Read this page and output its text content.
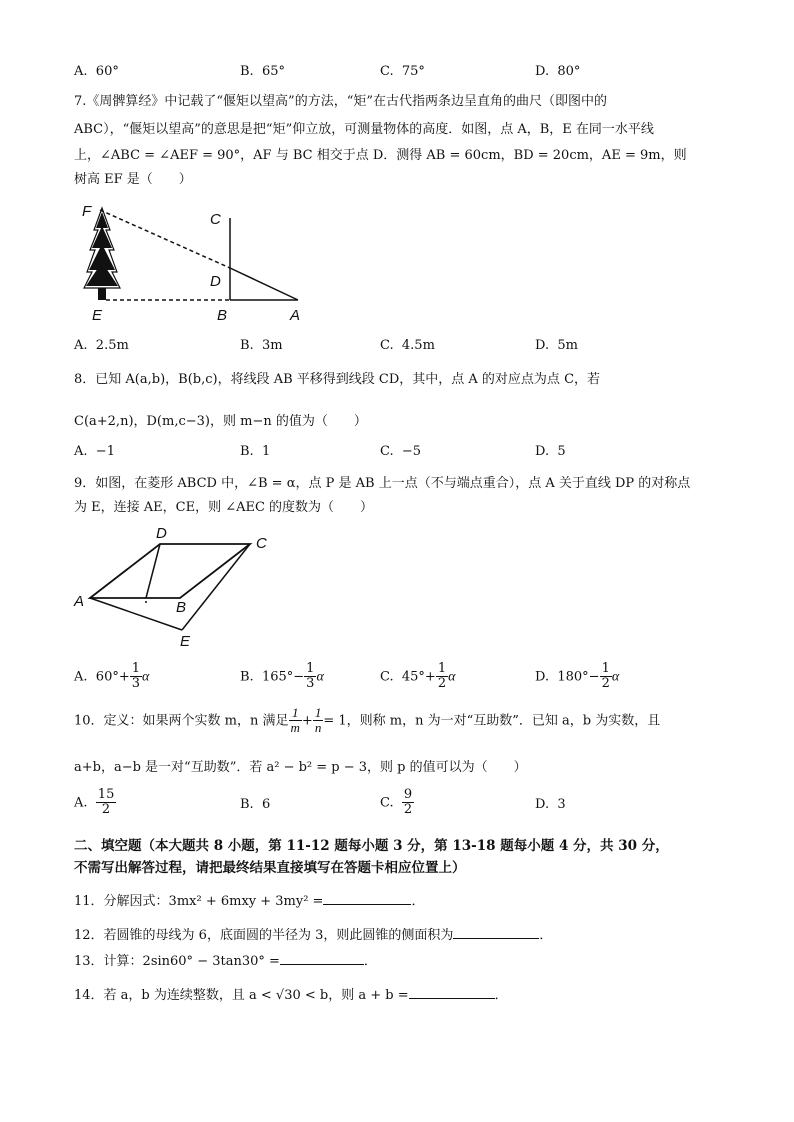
A. 60°	B. 65°	C. 75°	D. 80°
7.《周髀算经》中记载了“偃矩以望高”的方法，“矩”在古代指两条边呈直角的曲尺（即图中的
ABC），“偃矩以望高”的意思是把“矩”仰立放，可测量物体的高度．如图，点 A，B，E 在同一水平线
上，∠ABC = ∠AEF = 90°，AF 与 BC 相交于点 D．测得 AB = 60cm，BD = 20cm，AE = 9m，则
树高 EF 是（　　）
F	C
D
E	B	A
A. 2.5m	B. 3m	C. 4.5m	D. 5m
8．已知 A(a,b)，B(b,c)，将线段 AB 平移得到线段 CD，其中，点 A 的对应点为点 C，若
C(a+2,n)，D(m,c−3)，则 m−n 的值为（　　）
A. −1	B. 1	C. −5	D. 5
9．如图，在菱形 ABCD 中，∠B = α，点 P 是 AB 上一点（不与端点重合），点 A 关于直线 DP 的对称点
为 E，连接 AE，CE，则 ∠AEC 的度数为（　　）
D
C
A	B
E
A. $60^\circ+ \frac{1}{3}$ α	B. $165^\circ- \frac{1}{3}$ α	C. $45^\circ+ \frac{1}{2}$ α	D. $180^\circ- \frac{1}{2}$ α
10．定义：如果两个实数 m，n 满足 $\frac{1}{m} + \frac{1}{n} = 1$，则称 m，n 为一对“互助数”．已知 a，b 为实数，且
a+b，a−b 是一对“互助数”．若 a² − b² = p − 3，则 p 的值可以为（　　）
A. $\frac{15}{2}$	B. 6	C. $\frac{9}{2}$	D. 3
二、填空题（本大题共 8 小题，第 11-12 题每小题 3 分，第 13-18 题每小题 4 分，共 30 分，
不需写出解答过程，请把最终结果直接填写在答题卡相应位置上）
11．分解因式：3mx² + 6mxy + 3my² =	．
12．若圆锥的母线为 6，底面圆的半径为 3，则此圆锥的侧面积为	．
13．计算：2sin60° − 3tan30° =	．
14．若 a，b 为连续整数，且 a < √30 < b，则 a + b =	．
